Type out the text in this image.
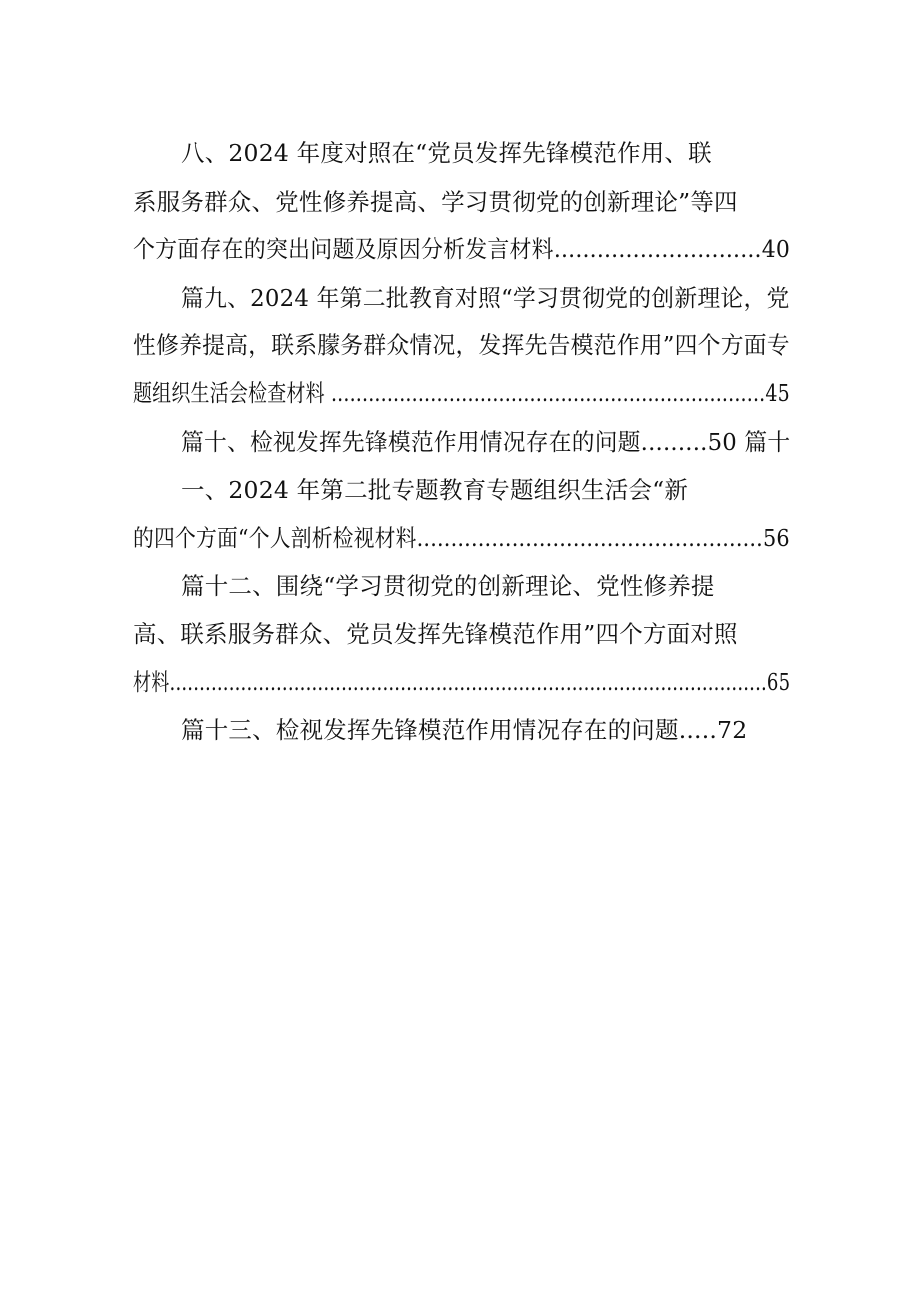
八、2024 年度对照在“党员发挥先锋模范作用、联
系服务群众、党性修养提高、学习贯彻党的创新理论”等四
个方面存在的突出问题及原因分析发言材料.............................40
篇九、2024 年第二批教育对照“学习贯彻党的创新理论，党
性修养提高，联系朦务群众情况，发挥先告模范作用”四个方面专
题组织生活会检查材料 ......................................................................45
篇十、检视发挥先锋模范作用情况存在的问题.........50 篇十
一、2024 年第二批专题教育专题组织生活会“新
的四个方面“个人剖析检视材料...................................................56
篇十二、围绕“学习贯彻党的创新理论、党性修养提
高、联系服务群众、党员发挥先锋模范作用”四个方面对照
材料.....................................................................................................65
篇十三、检视发挥先锋模范作用情况存在的问题.....72
